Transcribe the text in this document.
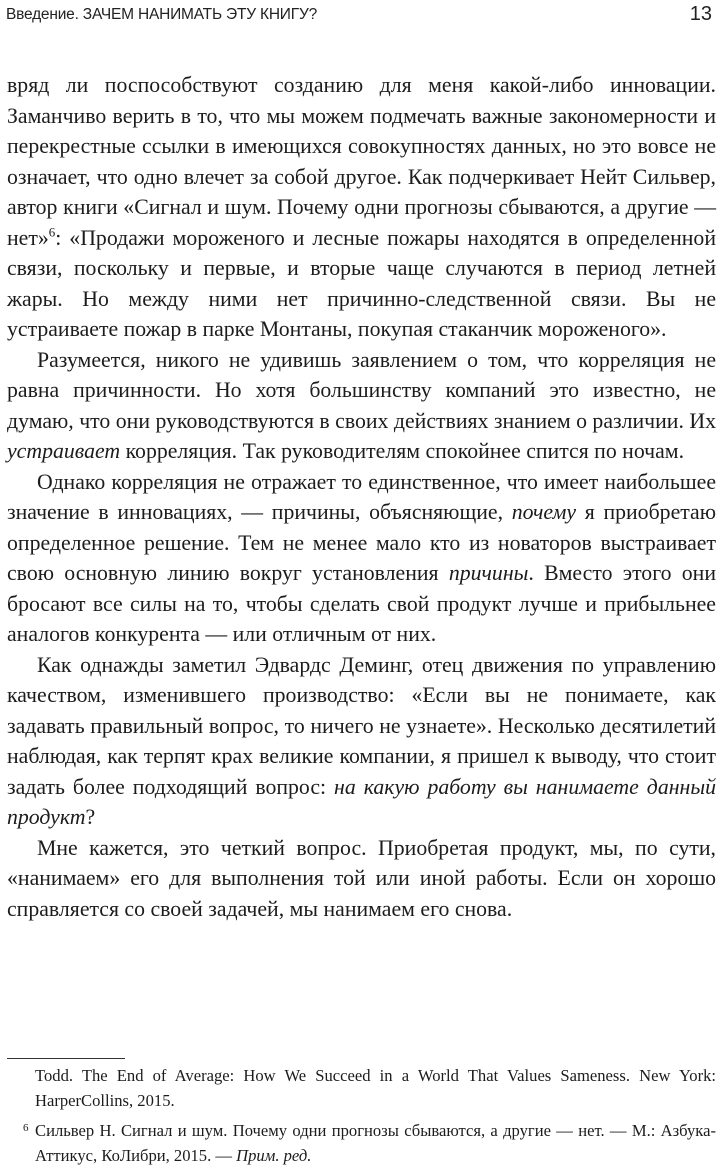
Введение. ЗАЧЕМ НАНИМАТЬ ЭТУ КНИГУ?	13

вряд ли поспособствуют созданию для меня какой-либо инновации. Заманчиво верить в то, что мы можем подмечать важные закономерности и перекрестные ссылки в имеющихся совокупностях данных, но это вовсе не означает, что одно влечет за собой другое. Как подчеркивает Нейт Сильвер, автор книги «Сигнал и шум. Почему одни прогнозы сбываются, а другие — нет»$^6$: «Продажи мороженого и лесные пожары находятся в определенной связи, поскольку и первые, и вторые чаще случаются в период летней жары. Но между ними нет причинно-следственной связи. Вы не устраиваете пожар в парке Монтаны, покупая стаканчик мороженого».

Разумеется, никого не удивишь заявлением о том, что корреляция не равна причинности. Но хотя большинству компаний это известно, не думаю, что они руководствуются в своих действиях знанием о различии. Их устраивает корреляция. Так руководителям спокойнее спится по ночам.

Однако корреляция не отражает то единственное, что имеет наибольшее значение в инновациях, — причины, объясняющие, почему я приобретаю определенное решение. Тем не менее мало кто из новаторов выстраивает свою основную линию вокруг установления причины. Вместо этого они бросают все силы на то, чтобы сделать свой продукт лучше и прибыльнее аналогов конкурента — или отличным от них.

Как однажды заметил Эдвардс Деминг, отец движения по управлению качеством, изменившего производство: «Если вы не понимаете, как задавать правильный вопрос, то ничего не узнаете». Несколько десятилетий наблюдая, как терпят крах великие компании, я пришел к выводу, что стоит задать более подходящий вопрос: на какую работу вы нанимаете данный продукт?

Мне кажется, это четкий вопрос. Приобретая продукт, мы, по сути, «нанимаем» его для выполнения той или иной работы. Если он хорошо справляется со своей задачей, мы нанимаем его снова.

Todd. The End of Average: How We Succeed in a World That Values Sameness. New York: HarperCollins, 2015.

6 Сильвер Н. Сигнал и шум. Почему одни прогнозы сбываются, а другие — нет. — М.: Азбука-Аттикус, КоЛибри, 2015. — Прим. ред.
